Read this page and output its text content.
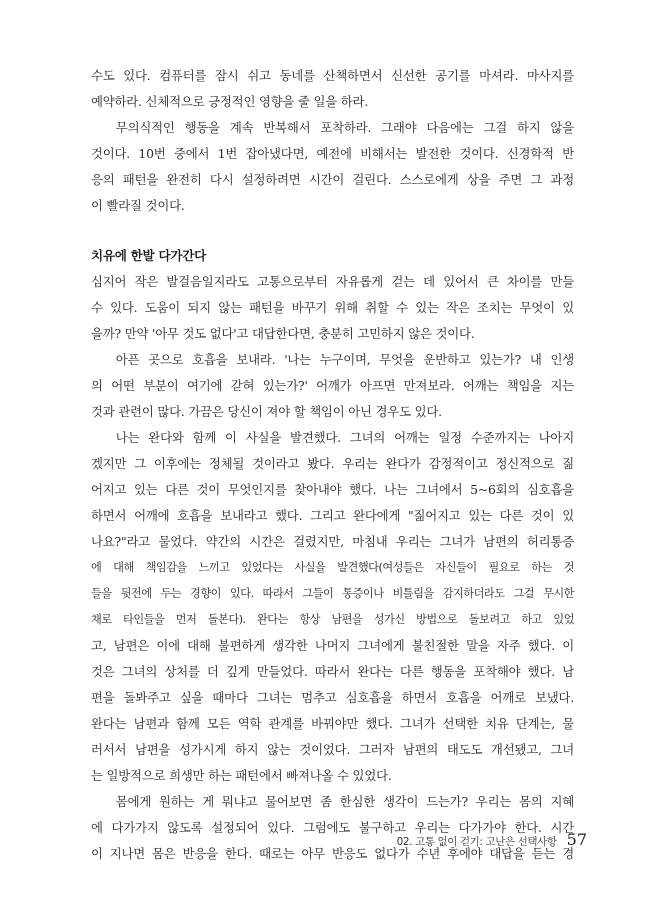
수도 있다. 컴퓨터를 잠시 쉬고 동네를 산책하면서 신선한 공기를 마셔라. 마사지를
예약하라. 신체적으로 긍정적인 영향을 줄 일을 하라.
무의식적인 행동을 계속 반복해서 포착하라. 그래야 다음에는 그걸 하지 않을
것이다. 10번 중에서 1번 잡아냈다면, 예전에 비해서는 발전한 것이다. 신경학적 반
응의 패턴을 완전히 다시 설정하려면 시간이 걸린다. 스스로에게 상을 주면 그 과정
이 빨라질 것이다.
치유에 한발 다가간다
심지어 작은 발걸음일지라도 고통으로부터 자유롭게 걷는 데 있어서 큰 차이를 만들
수 있다. 도움이 되지 않는 패턴을 바꾸기 위해 취할 수 있는 작은 조치는 무엇이 있
을까? 만약 '아무 것도 없다'고 대답한다면, 충분히 고민하지 않은 것이다.
아픈 곳으로 호흡을 보내라. '나는 누구이며, 무엇을 운반하고 있는가? 내 인생
의 어떤 부분이 여기에 갇혀 있는가?' 어깨가 아프면 만져보라. 어깨는 책임을 지는
것과 관련이 많다. 가끔은 당신이 져야 할 책임이 아닌 경우도 있다.
나는 완다와 함께 이 사실을 발견했다. 그녀의 어깨는 일정 수준까지는 나아지
겠지만 그 이후에는 정체될 것이라고 봤다. 우리는 완다가 감정적이고 정신적으로 짊
어지고 있는 다른 것이 무엇인지를 찾아내야 했다. 나는 그녀에서 5~6회의 심호흡을
하면서 어깨에 호흡을 보내라고 했다. 그리고 완다에게 "짊어지고 있는 다른 것이 있
나요?"라고 물었다. 약간의 시간은 걸렸지만, 마침내 우리는 그녀가 남편의 허리통증
에 대해 책임감을 느끼고 있었다는 사실을 발견했다(여성들은 자신들이 필요로 하는 것
들을 뒷전에 두는 경향이 있다. 따라서 그들이 통증이나 비틀림을 감지하더라도 그걸 무시한
채로 타인들을 먼저 돌본다). 완다는 항상 남편을 성가신 방법으로 돌보려고 하고 있었
고, 남편은 이에 대해 불편하게 생각한 나머지 그녀에게 불친절한 말을 자주 했다. 이
것은 그녀의 상처를 더 깊게 만들었다. 따라서 완다는 다른 행동을 포착해야 했다. 남
편을 돌봐주고 싶을 때마다 그녀는 멈추고 심호흡을 하면서 호흡을 어깨로 보냈다.
완다는 남편과 함께 모든 역학 관계를 바꿔야만 했다. 그녀가 선택한 치유 단계는, 물
러서서 남편을 성가시게 하지 않는 것이었다. 그러자 남편의 태도도 개선됐고, 그녀
는 일방적으로 희생만 하는 패턴에서 빠져나올 수 있었다.
몸에게 원하는 게 뭐냐고 물어보면 좀 한심한 생각이 드는가? 우리는 몸의 지혜
에 다가가지 않도록 설정되어 있다. 그럼에도 불구하고 우리는 다가가야 한다. 시간
이 지나면 몸은 반응을 한다. 때로는 아무 반응도 없다가 수년 후에야 대답을 듣는 경
02. 고통 없이 걷기: 고난은 선택사항 57
